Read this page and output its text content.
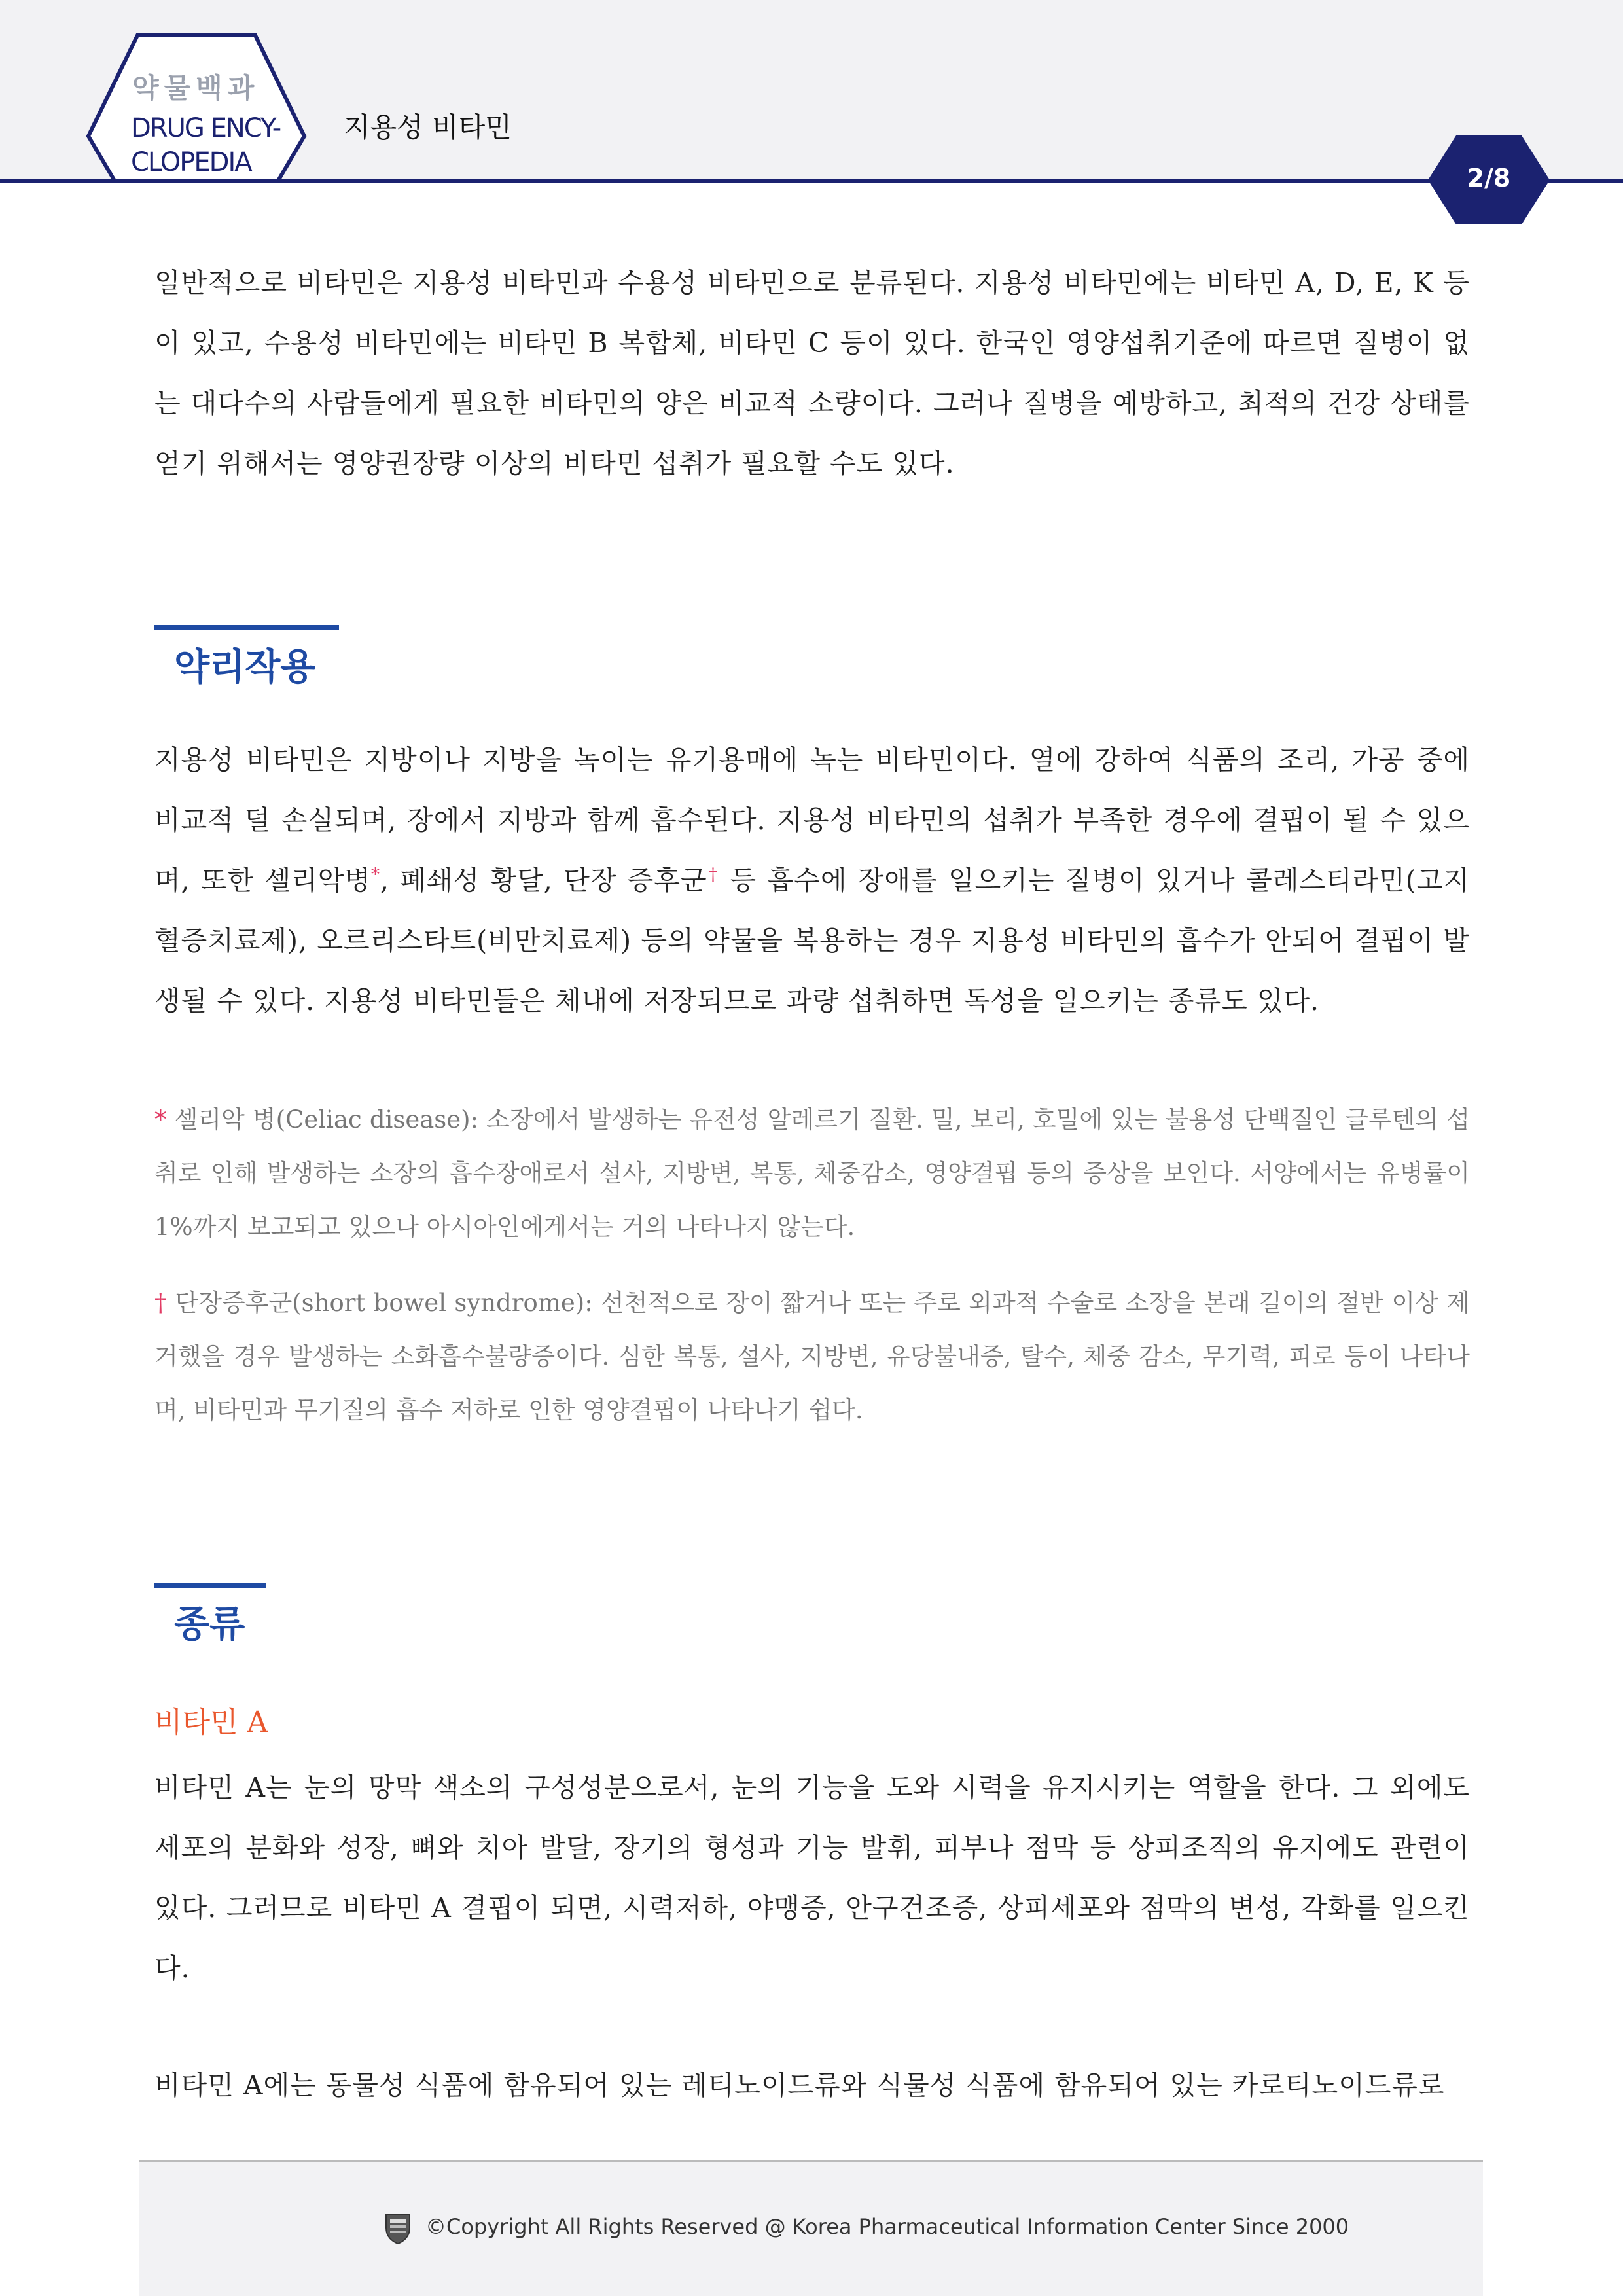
약물백과
DRUG ENCY-
CLOPEDIA
지용성 비타민
2/8

일반적으로 비타민은 지용성 비타민과 수용성 비타민으로 분류된다. 지용성 비타민에는 비타민 A, D, E, K 등이 있고, 수용성 비타민에는 비타민 B 복합체, 비타민 C 등이 있다. 한국인 영양섭취기준에 따르면 질병이 없는 대다수의 사람들에게 필요한 비타민의 양은 비교적 소량이다. 그러나 질병을 예방하고, 최적의 건강 상태를 얻기 위해서는 영양권장량 이상의 비타민 섭취가 필요할 수도 있다.

약리작용

지용성 비타민은 지방이나 지방을 녹이는 유기용매에 녹는 비타민이다. 열에 강하여 식품의 조리, 가공 중에 비교적 덜 손실되며, 장에서 지방과 함께 흡수된다. 지용성 비타민의 섭취가 부족한 경우에 결핍이 될 수 있으며, 또한 셀리악병*, 폐쇄성 황달, 단장 증후군† 등 흡수에 장애를 일으키는 질병이 있거나 콜레스티라민(고지혈증치료제), 오르리스타트(비만치료제) 등의 약물을 복용하는 경우 지용성 비타민의 흡수가 안되어 결핍이 발생될 수 있다. 지용성 비타민들은 체내에 저장되므로 과량 섭취하면 독성을 일으키는 종류도 있다.

* 셀리악 병(Celiac disease): 소장에서 발생하는 유전성 알레르기 질환. 밀, 보리, 호밀에 있는 불용성 단백질인 글루텐의 섭취로 인해 발생하는 소장의 흡수장애로서 설사, 지방변, 복통, 체중감소, 영양결핍 등의 증상을 보인다. 서양에서는 유병률이 1%까지 보고되고 있으나 아시아인에게서는 거의 나타나지 않는다.

† 단장증후군(short bowel syndrome): 선천적으로 장이 짧거나 또는 주로 외과적 수술로 소장을 본래 길이의 절반 이상 제거했을 경우 발생하는 소화흡수불량증이다. 심한 복통, 설사, 지방변, 유당불내증, 탈수, 체중 감소, 무기력, 피로 등이 나타나며, 비타민과 무기질의 흡수 저하로 인한 영양결핍이 나타나기 쉽다.

종류

비타민 A

비타민 A는 눈의 망막 색소의 구성성분으로서, 눈의 기능을 도와 시력을 유지시키는 역할을 한다. 그 외에도 세포의 분화와 성장, 뼈와 치아 발달, 장기의 형성과 기능 발휘, 피부나 점막 등 상피조직의 유지에도 관련이 있다. 그러므로 비타민 A 결핍이 되면, 시력저하, 야맹증, 안구건조증, 상피세포와 점막의 변성, 각화를 일으킨다.

비타민 A에는 동물성 식품에 함유되어 있는 레티노이드류와 식물성 식품에 함유되어 있는 카로티노이드류로

©Copyright All Rights Reserved @ Korea Pharmaceutical Information Center Since 2000
